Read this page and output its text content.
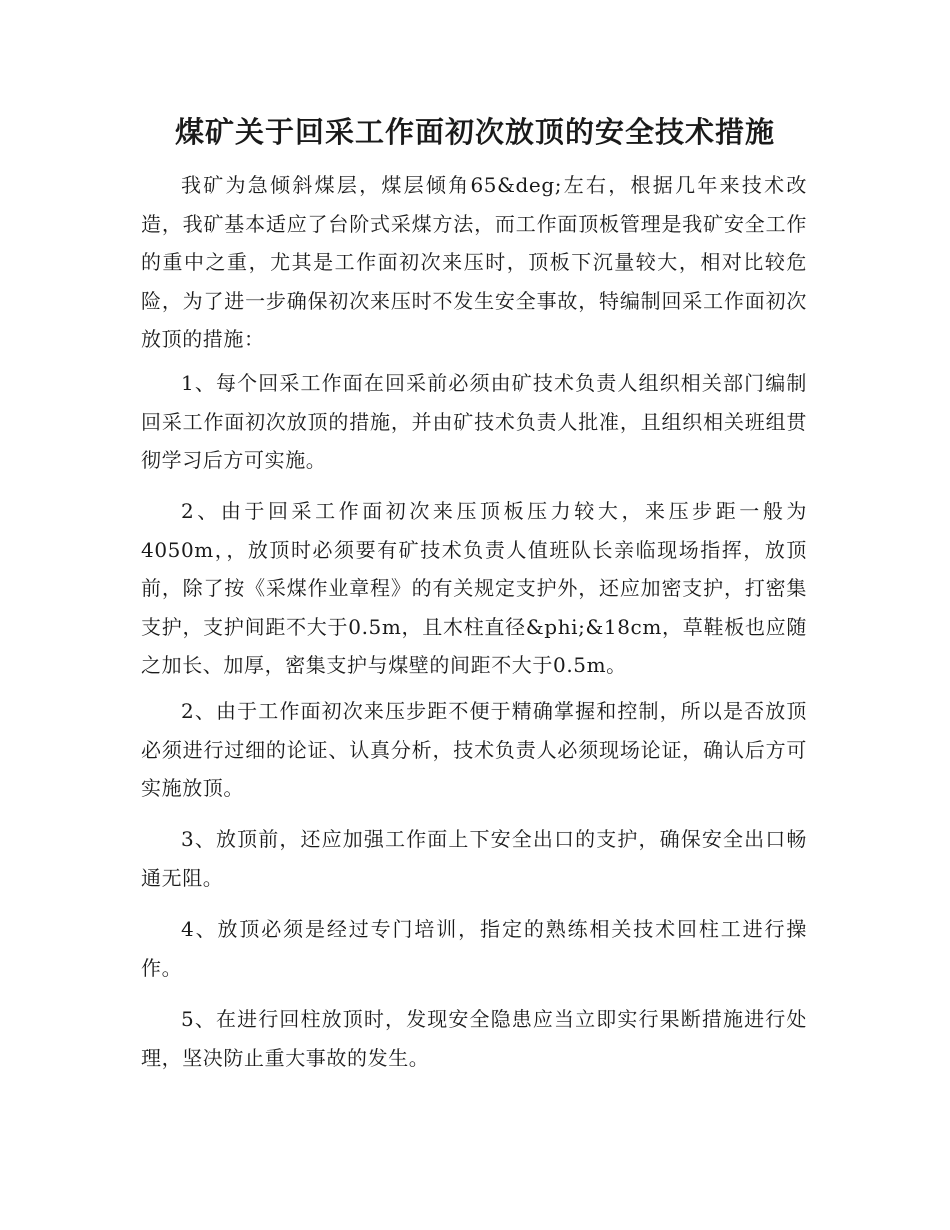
煤矿关于回采工作面初次放顶的安全技术措施

我矿为急倾斜煤层，煤层倾角65&deg;左右，根据几年来技术改造，我矿基本适应了台阶式采煤方法，而工作面顶板管理是我矿安全工作的重中之重，尤其是工作面初次来压时，顶板下沉量较大，相对比较危险，为了进一步确保初次来压时不发生安全事故，特编制回采工作面初次放顶的措施：

1、每个回采工作面在回采前必须由矿技术负责人组织相关部门编制回采工作面初次放顶的措施，并由矿技术负责人批准，且组织相关班组贯彻学习后方可实施。

2、由于回采工作面初次来压顶板压力较大，来压步距一般为4050m，，放顶时必须要有矿技术负责人值班队长亲临现场指挥，放顶前，除了按《采煤作业章程》的有关规定支护外，还应加密支护，打密集支护，支护间距不大于0.5m，且木柱直径&phi;&18cm，草鞋板也应随之加长、加厚，密集支护与煤壁的间距不大于0.5m。

2、由于工作面初次来压步距不便于精确掌握和控制，所以是否放顶必须进行过细的论证、认真分析，技术负责人必须现场论证，确认后方可实施放顶。

3、放顶前，还应加强工作面上下安全出口的支护，确保安全出口畅通无阻。

4、放顶必须是经过专门培训，指定的熟练相关技术回柱工进行操作。

5、在进行回柱放顶时，发现安全隐患应当立即实行果断措施进行处理，坚决防止重大事故的发生。
